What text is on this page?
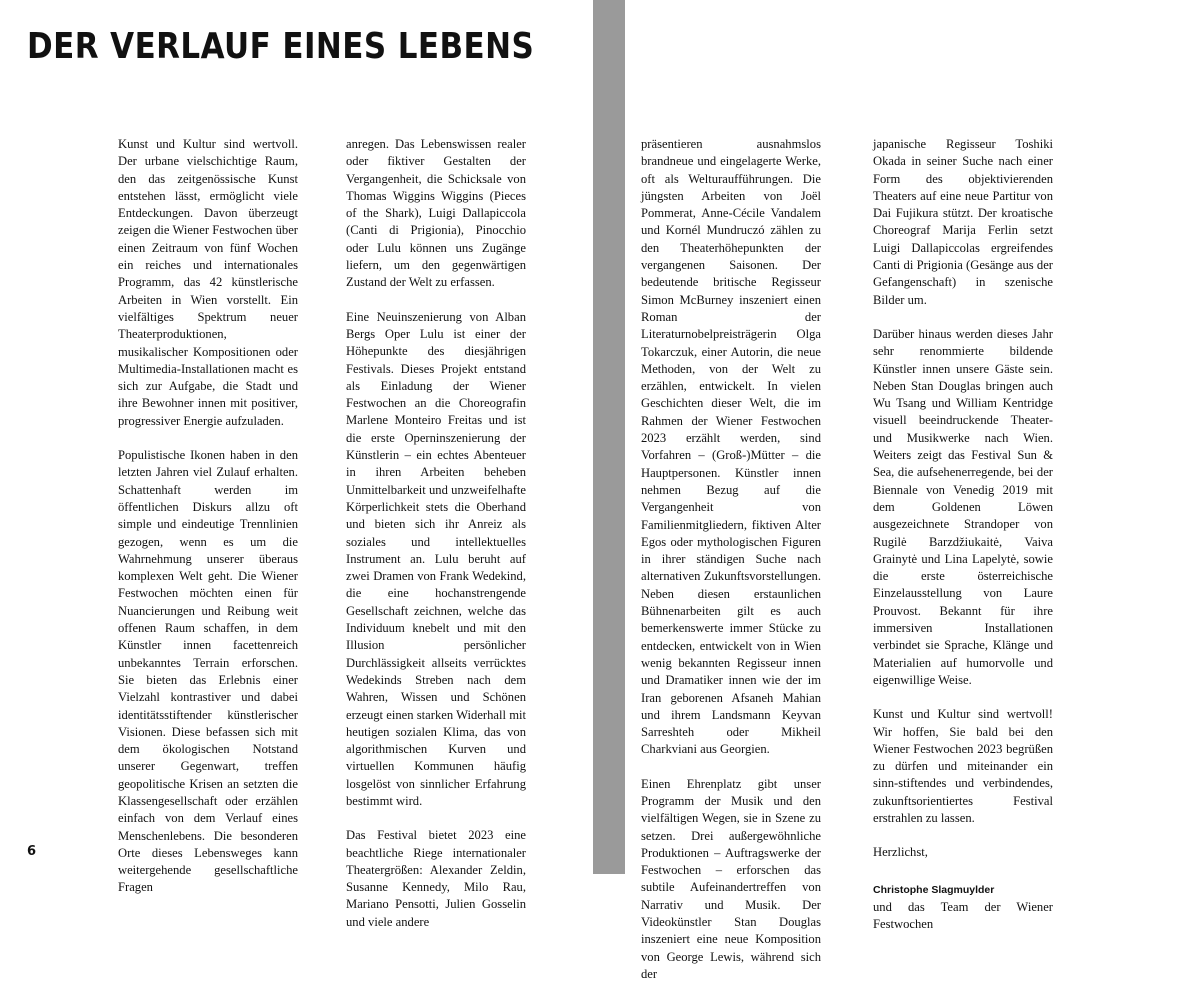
DER VERLAUF EINES LEBENS

Kunst und Kultur sind wertvoll. Der urbane vielschichtige Raum, den das zeitgenössische Kunst entstehen lässt, ermöglicht viele Entdeckungen. Davon überzeugt zeigen die Wiener Festwochen über einen Zeitraum von fünf Wochen ein reiches und internationales Programm, das 42 künstlerische Arbeiten in Wien vorstellt. Ein vielfältiges Spektrum neuer Theaterproduktionen, musikalischer Kompositionen oder Multimedia-Installationen macht es sich zur Aufgabe, die Stadt und ihre Bewohner innen mit positiver, progressiver Energie aufzuladen.

Populistische Ikonen haben in den letzten Jahren viel Zulauf erhalten. Schattenhaft werden im öffentlichen Diskurs allzu oft simple und eindeutige Trennlinien gezogen, wenn es um die Wahrnehmung unserer überaus komplexen Welt geht. Die Wiener Festwochen möchten einen für Nuancierungen und Reibung weit offenen Raum schaffen, in dem Künstler innen facettenreich unbekanntes Terrain erforschen. Sie bieten das Erlebnis einer Vielzahl kontrastiver und dabei identitätsstiftender künstlerischer Visionen. Diese befassen sich mit dem ökologischen Notstand unserer Gegenwart, treffen geopolitische Krisen an setzten die Klassengesellschaft oder erzählen einfach von dem Verlauf eines Menschenlebens. Die besonderen Orte dieses Lebensweges kann weitergehende gesellschaftliche Fragen

anregen. Das Lebenswissen realer oder fiktiver Gestalten der Vergangenheit, die Schicksale von Thomas Wiggins Wiggins (Pieces of the Shark), Luigi Dallapiccola (Canti di Prigionia), Pinocchio oder Lulu können uns Zugänge liefern, um den gegenwärtigen Zustand der Welt zu erfassen.

Eine Neuinszenierung von Alban Bergs Oper Lulu ist einer der Höhepunkte des diesjährigen Festivals. Dieses Projekt entstand als Einladung der Wiener Festwochen an die Choreografin Marlene Monteiro Freitas und ist die erste Operninszenierung der Künstlerin – ein echtes Abenteuer in ihren Arbeiten beheben Unmittelbarkeit und unzweifelhafte Körperlichkeit stets die Oberhand und bieten sich ihr Anreiz als soziales und intellektuelles Instrument an. Lulu beruht auf zwei Dramen von Frank Wedekind, die eine hochanstrengende Gesellschaft zeichnen, welche das Individuum knebelt und mit den Illusion persönlicher Durchlässigkeit allseits verrücktes Wedekinds Streben nach dem Wahren, Wissen und Schönen erzeugt einen starken Widerhall mit heutigen sozialen Klima, das von algorithmischen Kurven und virtuellen Kommunen häufig losgelöst von sinnlicher Erfahrung bestimmt wird.

Das Festival bietet 2023 eine beachtliche Riege internationaler Theatergrößen: Alexander Zeldin, Susanne Kennedy, Milo Rau, Mariano Pensotti, Julien Gosselin und viele andere

6

präsentieren ausnahmslos brandneue und eingelagerte Werke, oft als Welturaufführungen. Die jüngsten Arbeiten von Joël Pommerat, Anne-Cécile Vandalem und Kornél Mundruczó zählen zu den Theaterhöhepunkten der vergangenen Saisonen. Der bedeutende britische Regisseur Simon McBurney inszeniert einen Roman der Literaturnobelpreisträgerin Olga Tokarczuk, einer Autorin, die neue Methoden, von der Welt zu erzählen, entwickelt. In vielen Geschichten dieser Welt, die im Rahmen der Wiener Festwochen 2023 erzählt werden, sind Vorfahren – (Groß-)Mütter – die Hauptpersonen. Künstler innen nehmen Bezug auf die Vergangenheit von Familienmitgliedern, fiktiven Alter Egos oder mythologischen Figuren in ihrer ständigen Suche nach alternativen Zukunftsvorstellungen. Neben diesen erstaunlichen Bühnenarbeiten gilt es auch bemerkenswerte immer Stücke zu entdecken, entwickelt von in Wien wenig bekannten Regisseur innen und Dramatiker innen wie der im Iran geborenen Afsaneh Mahian und ihrem Landsmann Keyvan Sarreshteh oder Mikheil Charkviani aus Georgien.

Einen Ehrenplatz gibt unser Programm der Musik und den vielfältigen Wegen, sie in Szene zu setzen. Drei außergewöhnliche Produktionen – Auftragswerke der Festwochen – erforschen das subtile Aufeinandertreffen von Narrativ und Musik. Der Videokünstler Stan Douglas inszeniert eine neue Komposition von George Lewis, während sich der

japanische Regisseur Toshiki Okada in seiner Suche nach einer Form des objektivierenden Theaters auf eine neue Partitur von Dai Fujikura stützt. Der kroatische Choreograf Marija Ferlin setzt Luigi Dallapiccolas ergreifendes Canti di Prigionia (Gesänge aus der Gefangenschaft) in szenische Bilder um.

Darüber hinaus werden dieses Jahr sehr renommierte bildende Künstler innen unsere Gäste sein. Neben Stan Douglas bringen auch Wu Tsang und William Kentridge visuell beeindruckende Theater- und Musikwerke nach Wien. Weiters zeigt das Festival Sun & Sea, die aufsehenerregende, bei der Biennale von Venedig 2019 mit dem Goldenen Löwen ausgezeichnete Strandoper von Rugilė Barzdžiukaitė, Vaiva Grainytė und Lina Lapelytė, sowie die erste österreichische Einzelausstellung von Laure Prouvost. Bekannt für ihre immersiven Installationen verbindet sie Sprache, Klänge und Materialien auf humorvolle und eigenwillige Weise.

Kunst und Kultur sind wertvoll! Wir hoffen, Sie bald bei den Wiener Festwochen 2023 begrüßen zu dürfen und miteinander ein sinn-stiftendes und verbindendes, zukunftsorientiertes Festival erstrahlen zu lassen.

Herzlichst,

Christophe Slagmuylder
und das Team der Wiener Festwochen
